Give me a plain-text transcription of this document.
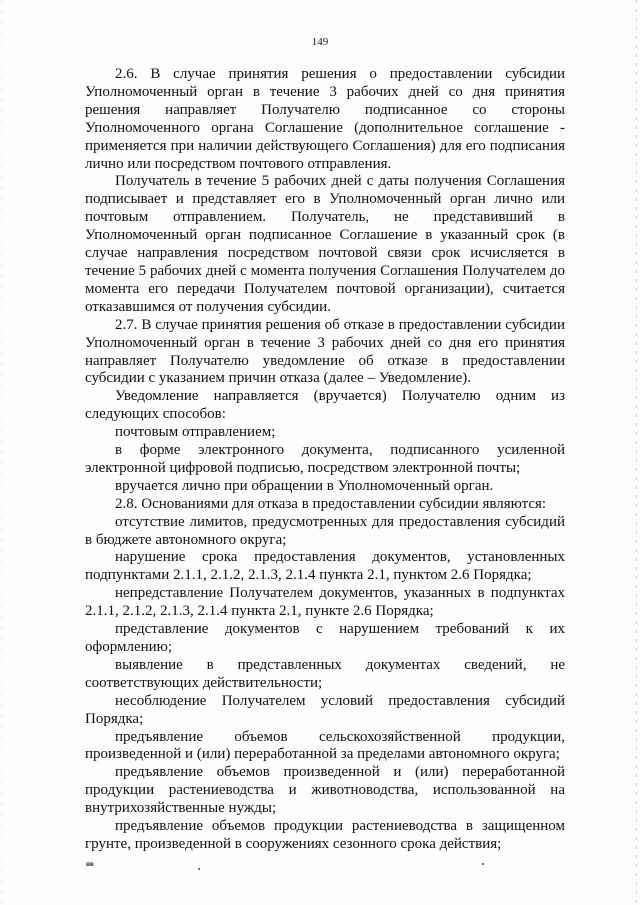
149

2.6. В случае принятия решения о предоставлении субсидии Уполномоченный орган в течение 3 рабочих дней со дня принятия решения направляет Получателю подписанное со стороны Уполномоченного органа Соглашение (дополнительное соглашение - применяется при наличии действующего Соглашения) для его подписания лично или посредством почтового отправления.

Получатель в течение 5 рабочих дней с даты получения Соглашения подписывает и представляет его в Уполномоченный орган лично или почтовым отправлением. Получатель, не представивший в Уполномоченный орган подписанное Соглашение в указанный срок (в случае направления посредством почтовой связи срок исчисляется в течение 5 рабочих дней с момента получения Соглашения Получателем до момента его передачи Получателем почтовой организации), считается отказавшимся от получения субсидии.

2.7. В случае принятия решения об отказе в предоставлении субсидии Уполномоченный орган в течение 3 рабочих дней со дня его принятия направляет Получателю уведомление об отказе в предоставлении субсидии с указанием причин отказа (далее – Уведомление).

Уведомление направляется (вручается) Получателю одним из следующих способов:

почтовым отправлением;

в форме электронного документа, подписанного усиленной электронной цифровой подписью, посредством электронной почты;

вручается лично при обращении в Уполномоченный орган.

2.8. Основаниями для отказа в предоставлении субсидии являются:

отсутствие лимитов, предусмотренных для предоставления субсидий в бюджете автономного округа;

нарушение срока предоставления документов, установленных подпунктами 2.1.1, 2.1.2, 2.1.3, 2.1.4 пункта 2.1, пунктом 2.6 Порядка;

непредставление Получателем документов, указанных в подпунктах 2.1.1, 2.1.2, 2.1.3, 2.1.4 пункта 2.1, пункте 2.6 Порядка;

представление документов с нарушением требований к их оформлению;

выявление в представленных документах сведений, не соответствующих действительности;

несоблюдение Получателем условий предоставления субсидий Порядка;

предъявление объемов сельскохозяйственной продукции, произведенной и (или) переработанной за пределами автономного округа;

предъявление объемов произведенной и (или) переработанной продукции растениеводства и животноводства, использованной на внутрихозяйственные нужды;

предъявление объемов продукции растениеводства в защищенном грунте, произведенной в сооружениях сезонного срока действия;

нв
